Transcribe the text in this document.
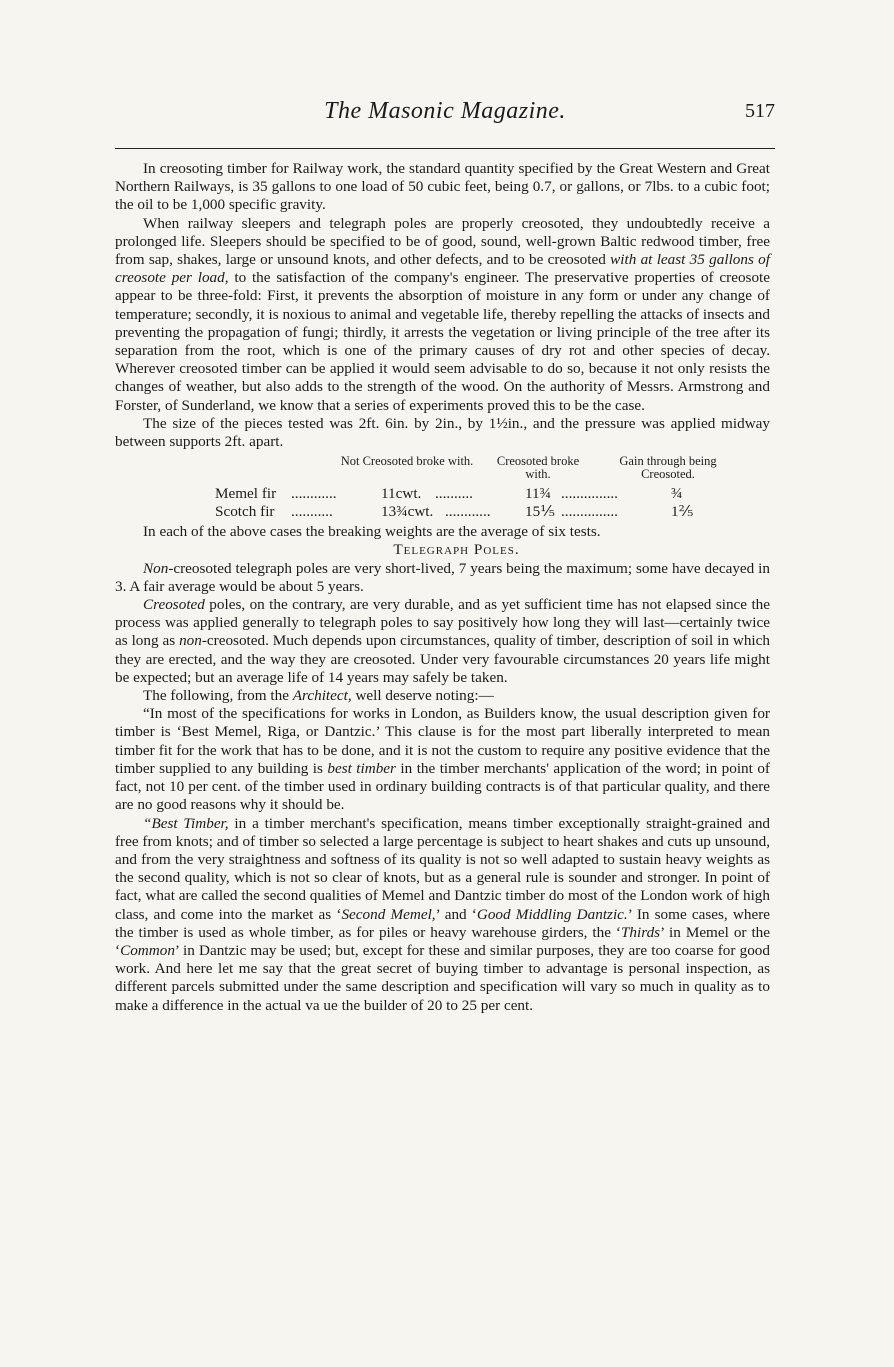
The Masonic Magazine.	517

In creosoting timber for Railway work, the standard quantity specified by the Great Western and Great Northern Railways, is 35 gallons to one load of 50 cubic feet, being 0.7, or gallons, or 7lbs. to a cubic foot; the oil to be 1,000 specific gravity.

When railway sleepers and telegraph poles are properly creosoted, they undoubtedly receive a prolonged life. Sleepers should be specified to be of good, sound, well-grown Baltic redwood timber, free from sap, shakes, large or unsound knots, and other defects, and to be creosoted with at least 35 gallons of creosote per load, to the satisfaction of the company's engineer. The preservative properties of creosote appear to be three-fold: First, it prevents the absorption of moisture in any form or under any change of temperature; secondly, it is noxious to animal and vegetable life, thereby repelling the attacks of insects and preventing the propagation of fungi; thirdly, it arrests the vegetation or living principle of the tree after its separation from the root, which is one of the primary causes of dry rot and other species of decay. Wherever creosoted timber can be applied it would seem advisable to do so, because it not only resists the changes of weather, but also adds to the strength of the wood. On the authority of Messrs. Armstrong and Forster, of Sunderland, we know that a series of experiments proved this to be the case.

The size of the pieces tested was 2ft. 6in. by 2in., by 1½in., and the pressure was applied midway between supports 2ft. apart.

Not Creosoted broke with.	Creosoted broke with.
Gain through being Creosoted.
Memel fir ............	11cwt. ..........	11¾ ...............	¾
Scotch fir ...........	13¾cwt. ............ 15⅕ ...............	1⅖

In each of the above cases the breaking weights are the average of six tests.

Telegraph Poles.

Non-creosoted telegraph poles are very short-lived, 7 years being the maximum; some have decayed in 3. A fair average would be about 5 years.

Creosoted poles, on the contrary, are very durable, and as yet sufficient time has not elapsed since the process was applied generally to telegraph poles to say positively how long they will last—certainly twice as long as non-creosoted. Much depends upon circumstances, quality of timber, description of soil in which they are erected, and the way they are creosoted. Under very favourable circumstances 20 years life might be expected; but an average life of 14 years may safely be taken.

The following, from the Architect, well deserve noting:—

“In most of the specifications for works in London, as Builders know, the usual description given for timber is ‘Best Memel, Riga, or Dantzic.’ This clause is for the most part liberally interpreted to mean timber fit for the work that has to be done, and it is not the custom to require any positive evidence that the timber supplied to any building is best timber in the timber merchants' application of the word; in point of fact, not 10 per cent. of the timber used in ordinary building contracts is of that particular quality, and there are no good reasons why it should be.

“Best Timber, in a timber merchant's specification, means timber exceptionally straight-grained and free from knots; and of timber so selected a large percentage is subject to heart shakes and cuts up unsound, and from the very straightness and softness of its quality is not so well adapted to sustain heavy weights as the second quality, which is not so clear of knots, but as a general rule is sounder and stronger. In point of fact, what are called the second qualities of Memel and Dantzic timber do most of the London work of high class, and come into the market as ‘Second Memel,’ and ‘Good Middling Dantzic.’ In some cases, where the timber is used as whole timber, as for piles or heavy warehouse girders, the ‘Thirds’ in Memel or the ‘Common’ in Dantzic may be used; but, except for these and similar purposes, they are too coarse for good work. And here let me say that the great secret of buying timber to advantage is personal inspection, as different parcels submitted under the same description and specification will vary so much in quality as to make a difference in the actual va ue the builder of 20 to 25 per cent.
